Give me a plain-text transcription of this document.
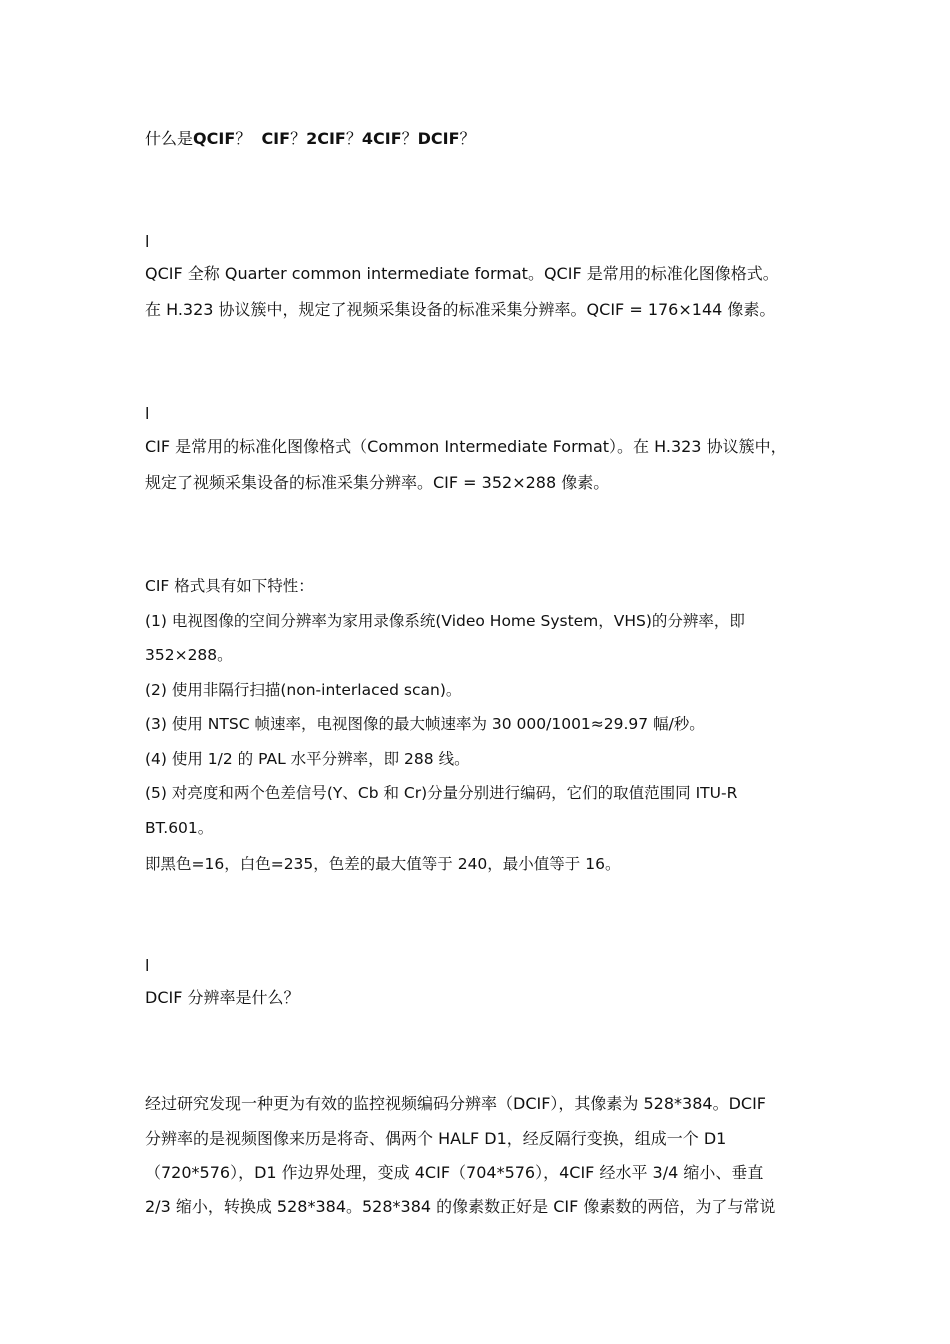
什么是QCIF？ CIF？2CIF？4CIF？DCIF？
l
QCIF 全称 Quarter common intermediate format。QCIF 是常用的标准化图像格式。
在 H.323 协议簇中，规定了视频采集设备的标准采集分辨率。QCIF = 176×144 像素。
l
CIF 是常用的标准化图像格式（Common Intermediate Format）。在 H.323 协议簇中，
规定了视频采集设备的标准采集分辨率。CIF = 352×288 像素。
CIF 格式具有如下特性：
(1) 电视图像的空间分辨率为家用录像系统(Video Home System，VHS)的分辨率，即
352×288。
(2) 使用非隔行扫描(non-interlaced scan)。
(3) 使用 NTSC 帧速率，电视图像的最大帧速率为 30 000/1001≈29.97 幅/秒。
(4) 使用 1/2 的 PAL 水平分辨率，即 288 线。
(5) 对亮度和两个色差信号(Y、Cb 和 Cr)分量分别进行编码，它们的取值范围同 ITU-R
BT.601。
即黑色=16，白色=235，色差的最大值等于 240，最小值等于 16。
l
DCIF 分辨率是什么？
经过研究发现一种更为有效的监控视频编码分辨率（DCIF），其像素为 528*384。DCIF
分辨率的是视频图像来历是将奇、偶两个 HALF D1，经反隔行变换，组成一个 D1
（720*576），D1 作边界处理，变成 4CIF（704*576），4CIF 经水平 3/4 缩小、垂直
2/3 缩小，转换成 528*384。528*384 的像素数正好是 CIF 像素数的两倍，为了与常说
